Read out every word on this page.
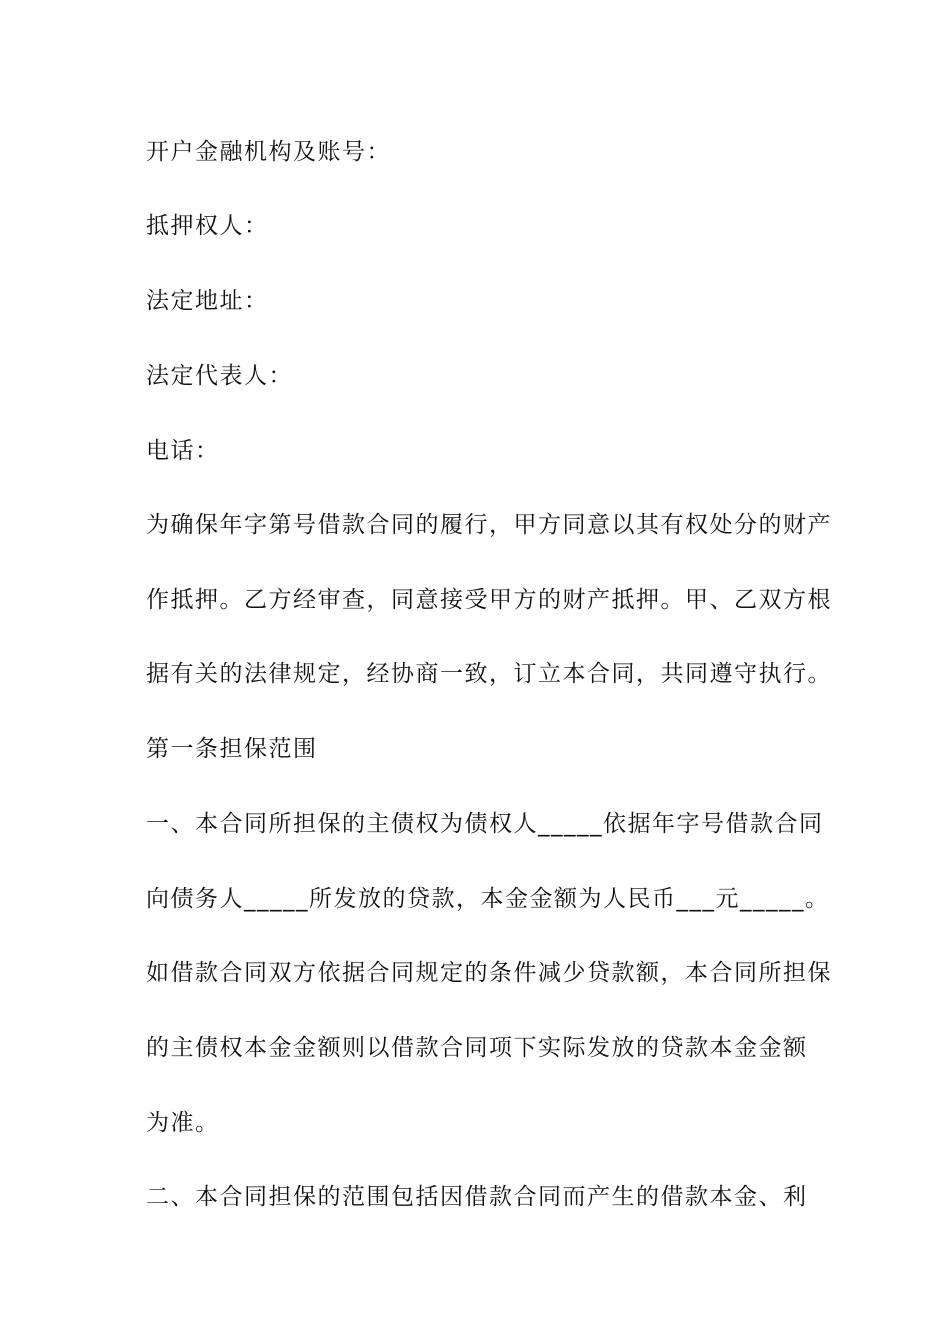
开户金融机构及账号：
抵押权人：
法定地址：
法定代表人：
电话：
为确保年字第号借款合同的履行，甲方同意以其有权处分的财产
作抵押。乙方经审查，同意接受甲方的财产抵押。甲、乙双方根
据有关的法律规定，经协商一致，订立本合同，共同遵守执行。
第一条担保范围
一、本合同所担保的主债权为债权人_____依据年字号借款合同
向债务人_____所发放的贷款，本金金额为人民币___元_____。
如借款合同双方依据合同规定的条件减少贷款额，本合同所担保
的主债权本金金额则以借款合同项下实际发放的贷款本金金额
为准。
二、本合同担保的范围包括因借款合同而产生的借款本金、利
